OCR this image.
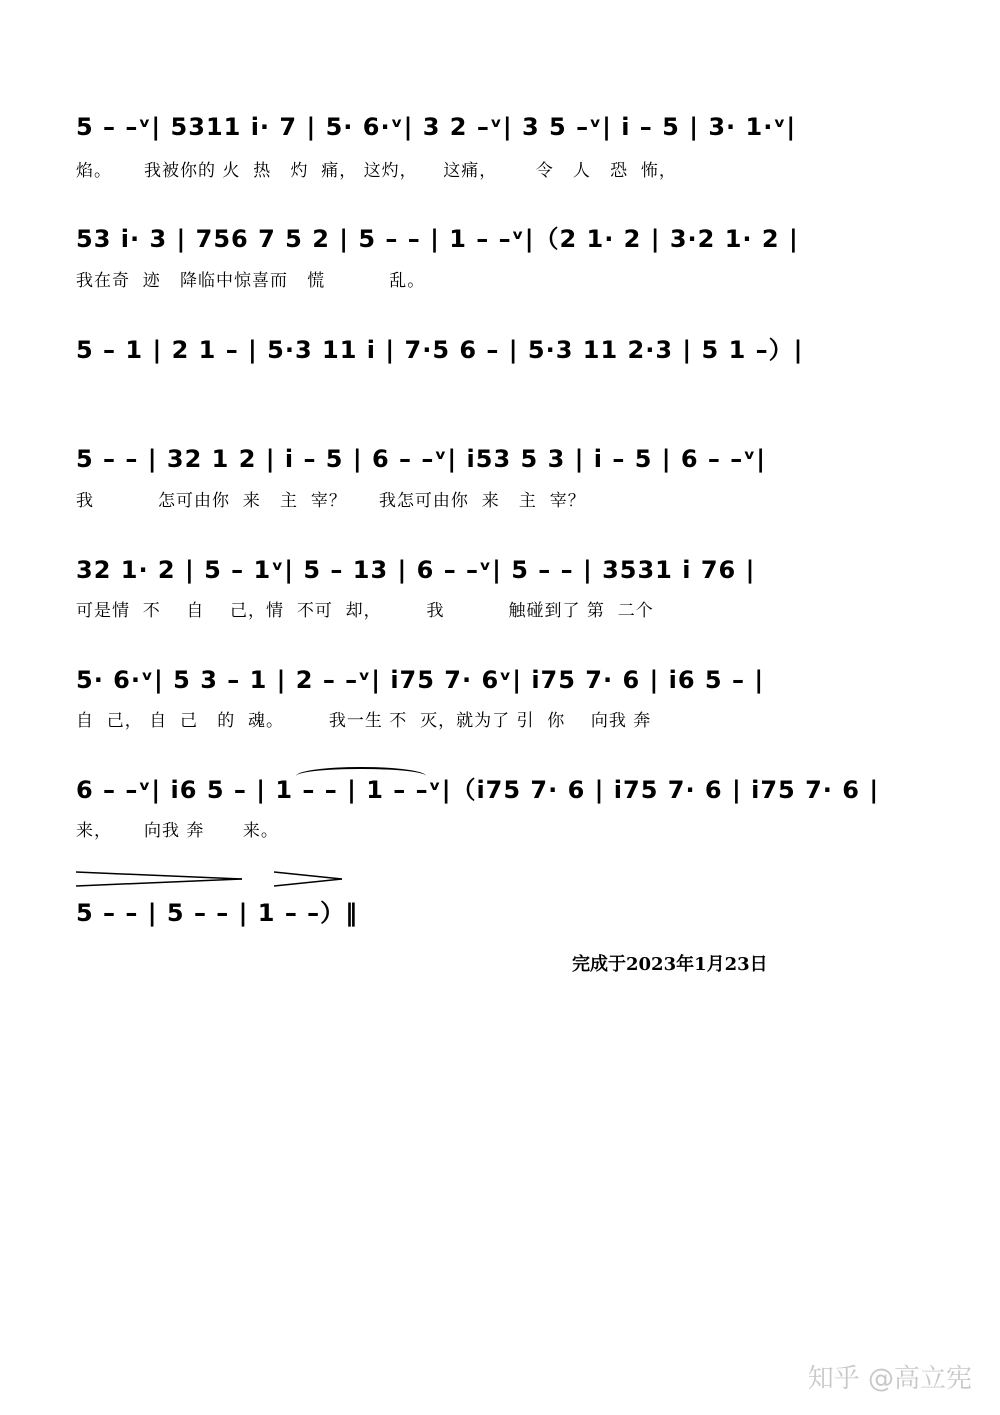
5 – –ᵛ| 5311 i̇· 7 | 5· 6·ᵛ| 3 2 –ᵛ| 3 5 –ᵛ| i̇ – 5 | 3· 1·ᵛ|
焰。     我被你的 火  热   灼  痛， 这灼，    这痛，      令   人   恐  怖，
53 i̇· 3 | 756 7 5 2 | 5 – – | 1 – –ᵛ|（2 1· 2 | 3·2 1· 2 |
我在奇  迹   降临中惊喜而   慌          乱。
5 – 1 | 2 1 – | 5·3 11 i̇ | 7·5 6 – | 5·3 11 2·3 | 5 1 –）|
5 – – | 32 1 2 | i̇ – 5 | 6 – –ᵛ| i̇53 5 3 | i̇ – 5 | 6 – –ᵛ|
我          怎可由你  来   主  宰？     我怎可由你  来   主  宰？
32 1· 2 | 5 – 1ᵛ| 5 – 13 | 6 – –ᵛ| 5 – – | 3531 i̇ 76 |
可是情  不    自    己，情  不可  却，       我          触碰到了 第  二个
5· 6·ᵛ| 5 3 – 1 | 2 – –ᵛ| i̇75 7· 6ᵛ| i̇75 7· 6 | i̇6 5 – |
自  己， 自  己   的  魂。       我一生 不  灭，就为了 引  你    向我 奔
6 – –ᵛ| i̇6 5 – | 1 – – | 1 – –ᵛ|（i̇75 7· 6 | i̇75 7· 6 | i̇75 7· 6 |
来，     向我 奔      来。
5 – – | 5 – – | 1 – –）‖
完成于2023年1月23日
知乎 @高立宪
